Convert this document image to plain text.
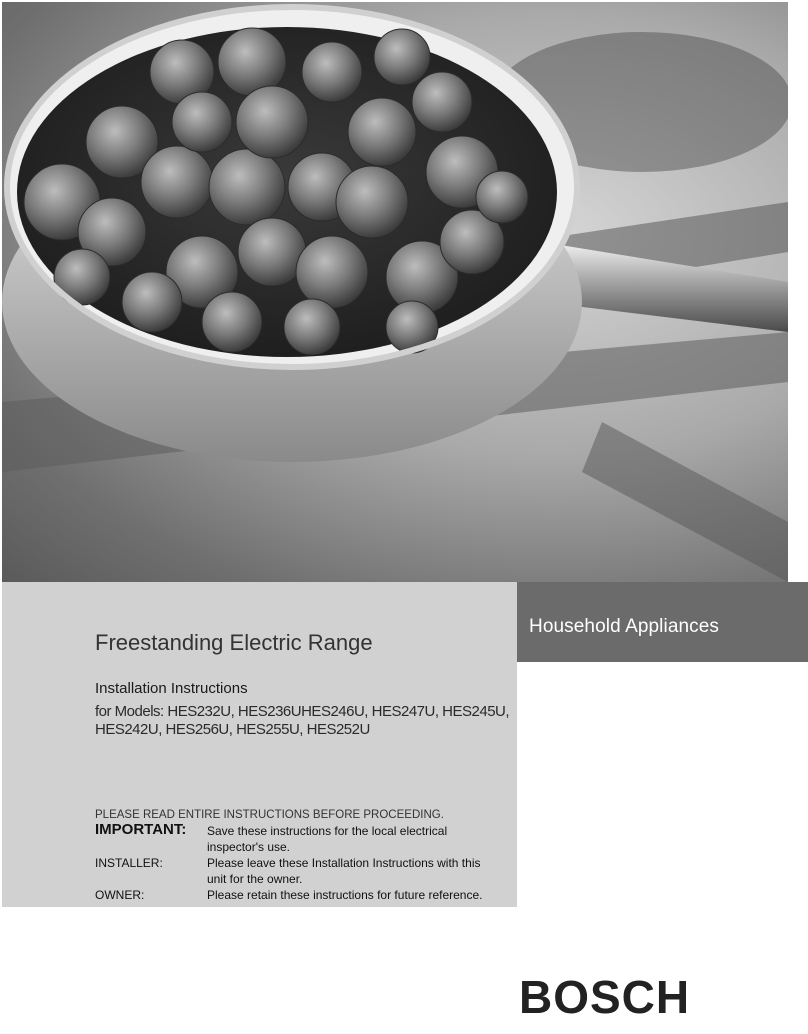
Household Appliances
Freestanding Electric Range
Installation Instructions
for Models: HES232U, HES236UHES246U, HES247U, HES245U,
HES242U, HES256U, HES255U, HES252U
PLEASE READ ENTIRE INSTRUCTIONS BEFORE PROCEEDING.
IMPORTANT: Save these instructions for the local electrical
inspector's use.
INSTALLER:	Please leave these Installation Instructions with this
unit for the owner.
OWNER:	Please retain these instructions for future reference.
BOSCH
